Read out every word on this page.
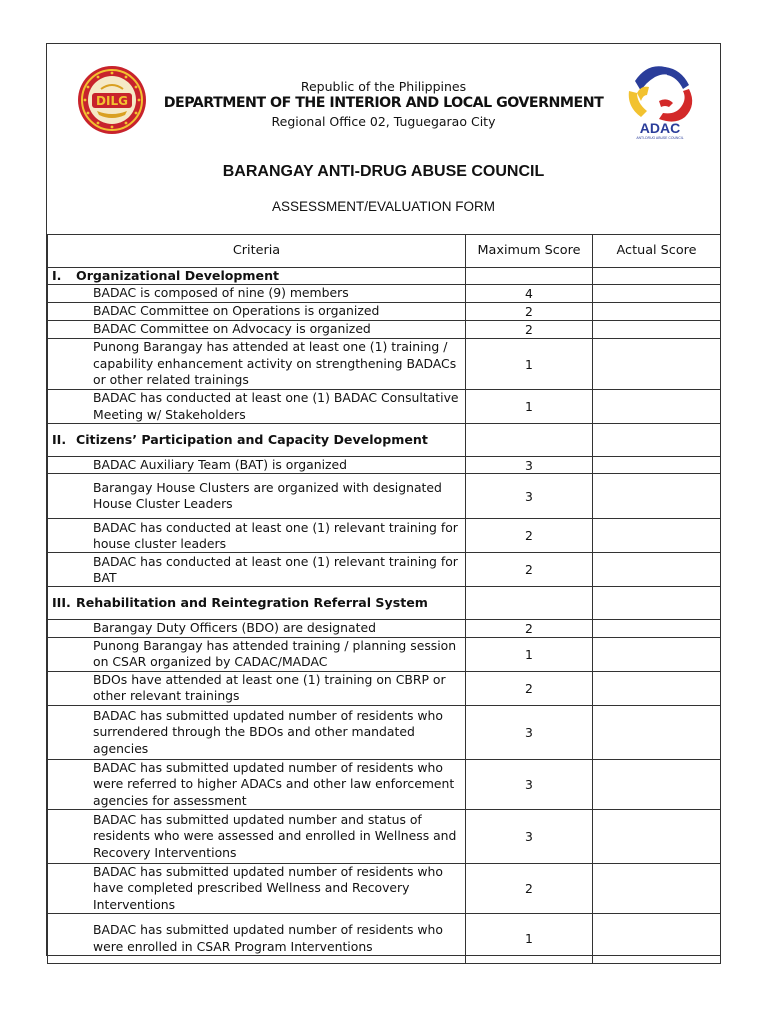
DILG
Republic of the Philippines
DEPARTMENT OF THE INTERIOR AND LOCAL GOVERNMENT
Regional Office 02, Tuguegarao City	ADAC
ANTI-DRUG ABUSE COUNCIL
BARANGAY ANTI-DRUG ABUSE COUNCIL
ASSESSMENT/EVALUATION FORM
Criteria	Maximum Score	Actual Score

I. Organizational Development		

BADAC is composed of nine (9) members	4	
BADAC Committee on Operations is organized	2	
BADAC Committee on Advocacy is organized	2	
Punong Barangay has attended at least one (1) training / capability enhancement activity on strengthening BADACs or other related trainings	1	
BADAC has conducted at least one (1) BADAC Consultative Meeting w/ Stakeholders	1	

II. Citizens’ Participation and Capacity Development		

BADAC Auxiliary Team (BAT) is organized	3	
Barangay House Clusters are organized with designated House Cluster Leaders	3	
BADAC has conducted at least one (1) relevant training for house cluster leaders	2	
BADAC has conducted at least one (1) relevant training for BAT	2	

III. Rehabilitation and Reintegration Referral System		

Barangay Duty Officers (BDO) are designated	2	
Punong Barangay has attended training / planning session on CSAR organized by CADAC/MADAC	1	
BDOs have attended at least one (1) training on CBRP or other relevant trainings	2	
BADAC has submitted updated number of residents who surrendered through the BDOs and other mandated agencies	3	
BADAC has submitted updated number of residents who were referred to higher ADACs and other law enforcement agencies for assessment	3	
BADAC has submitted updated number and status of residents who were assessed and enrolled in Wellness and Recovery Interventions	3	
BADAC has submitted updated number of residents who have completed prescribed Wellness and Recovery Interventions	2	
BADAC has submitted updated number of residents who were enrolled in CSAR Program Interventions	1	
